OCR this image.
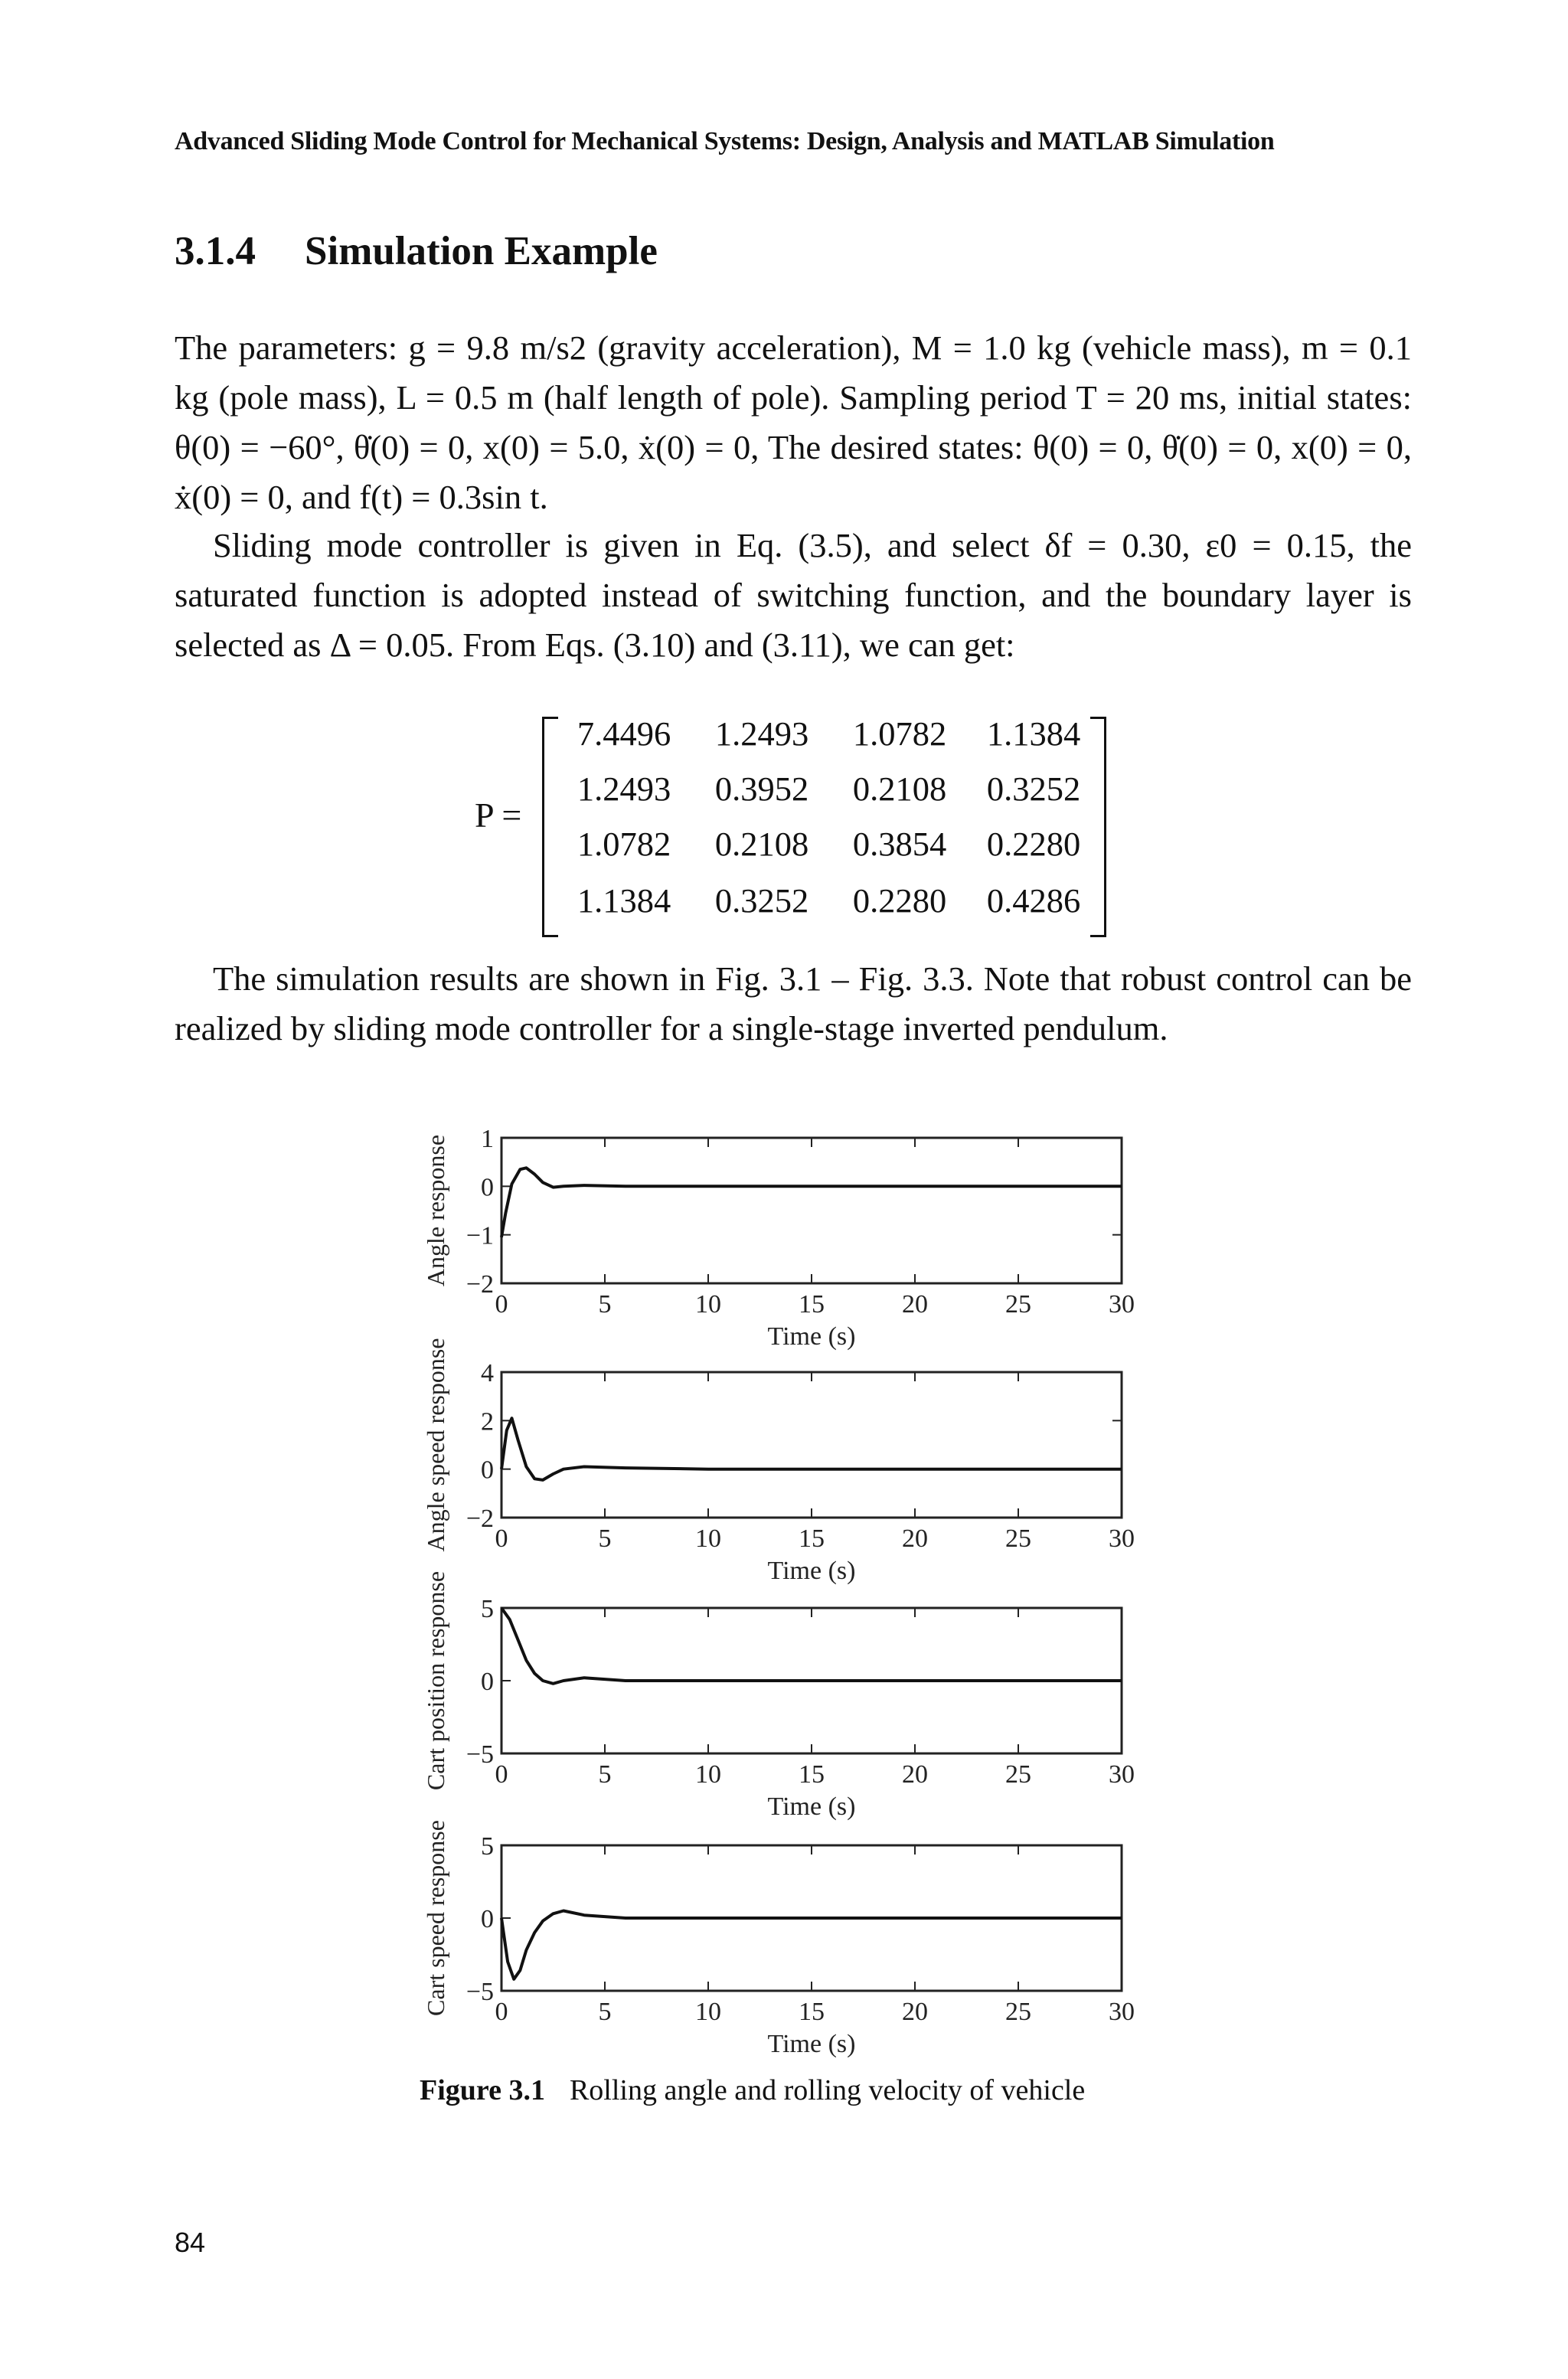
Advanced Sliding Mode Control for Mechanical Systems: Design, Analysis and MATLAB Simulation
3.1.4 Simulation Example

The parameters: g = 9.8 m/s2 (gravity acceleration), M = 1.0 kg (vehicle mass), m = 0.1 kg (pole mass), L = 0.5 m (half length of pole). Sampling period T = 20 ms, initial states: θ(0) = −60°, θ̇(0) = 0, x(0) = 5.0, ẋ(0) = 0, The desired states: θ(0) = 0, θ̇(0) = 0, x(0) = 0, ẋ(0) = 0, and f(t) = 0.3sin t.

Sliding mode controller is given in Eq. (3.5), and select δf = 0.30, ε0 = 0.15, the saturated function is adopted instead of switching function, and the boundary layer is selected as Δ = 0.05. From Eqs. (3.10) and (3.11), we can get:

P =
7.4496	1.2493	1.0782	1.1384
1.2493	0.3952	0.2108	0.3252
1.0782	0.2108	0.3854	0.2280
1.1384	0.3252	0.2280	0.4286

The simulation results are shown in Fig. 3.1 – Fig. 3.3. Note that robust control can be realized by sliding mode controller for a single-stage inverted pendulum.

0	5	10	15	20	25	30
1
0
−1
−2
Time (s)
Angle response
0	5	10	15	20	25	30
4
2
0
−2
Time (s)
Angle speed response
0	5	10	15	20	25	30
5
0
−5
Time (s)
Cart position response
0	5	10	15	20	25	30
5
0
−5
Time (s)
Cart speed response
Figure 3.1 Rolling angle and rolling velocity of vehicle
84
